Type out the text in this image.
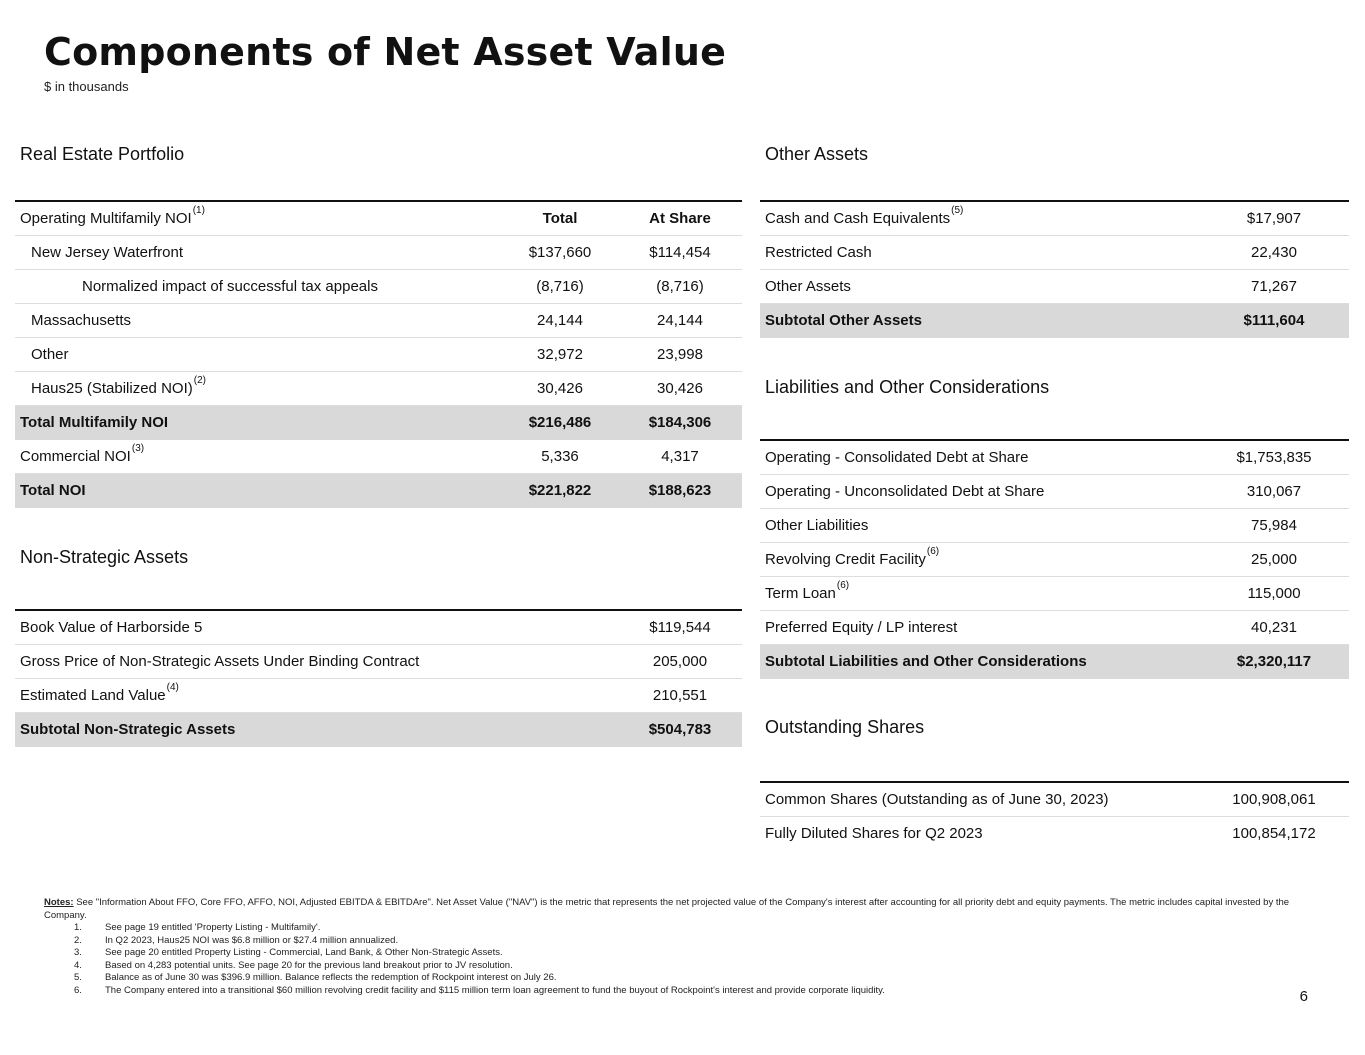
Components of Net Asset Value
$ in thousands
Real Estate Portfolio
Operating Multifamily NOI$^{(1)}$	Total	At Share
New Jersey Waterfront	$137,660	$114,454
Normalized impact of successful tax appeals	(8,716)	(8,716)
Massachusetts	24,144	24,144
Other	32,972	23,998
Haus25 (Stabilized NOI)$^{(2)}$	30,426	30,426
Total Multifamily NOI	$216,486	$184,306
Commercial NOI$^{(3)}$	5,336	4,317
Total NOI	$221,822	$188,623
Non-Strategic Assets
Book Value of Harborside 5	$119,544
Gross Price of Non-Strategic Assets Under Binding Contract	205,000
Estimated Land Value$^{(4)}$	210,551
Subtotal Non-Strategic Assets	$504,783
Other Assets
Cash and Cash Equivalents$^{(5)}$	$17,907
Restricted Cash	22,430
Other Assets	71,267
Subtotal Other Assets	$111,604
Liabilities and Other Considerations
Operating - Consolidated Debt at Share	$1,753,835
Operating - Unconsolidated Debt at Share	310,067
Other Liabilities	75,984
Revolving Credit Facility$^{(6)}$	25,000
Term Loan$^{(6)}$	115,000
Preferred Equity / LP interest	40,231
Subtotal Liabilities and Other Considerations	$2,320,117
Outstanding Shares
Common Shares (Outstanding as of June 30, 2023)	100,908,061
Fully Diluted Shares for Q2 2023	100,854,172
Notes: See "Information About FFO, Core FFO, AFFO, NOI, Adjusted EBITDA & EBITDAre". Net Asset Value ("NAV") is the metric that represents the net projected value of the Company's interest after accounting for all priority debt and equity payments. The metric includes capital invested by the Company.
1.	See page 19 entitled 'Property Listing - Multifamily'.
2.	In Q2 2023, Haus25 NOI was $6.8 million or $27.4 million annualized.
3.	See page 20 entitled Property Listing - Commercial, Land Bank, & Other Non-Strategic Assets.
4.	Based on 4,283 potential units. See page 20 for the previous land breakout prior to JV resolution.
5.	Balance as of June 30 was $396.9 million. Balance reflects the redemption of Rockpoint interest on July 26.
6.	The Company entered into a transitional $60 million revolving credit facility and $115 million term loan agreement to fund the buyout of Rockpoint's interest and provide corporate liquidity.	6
